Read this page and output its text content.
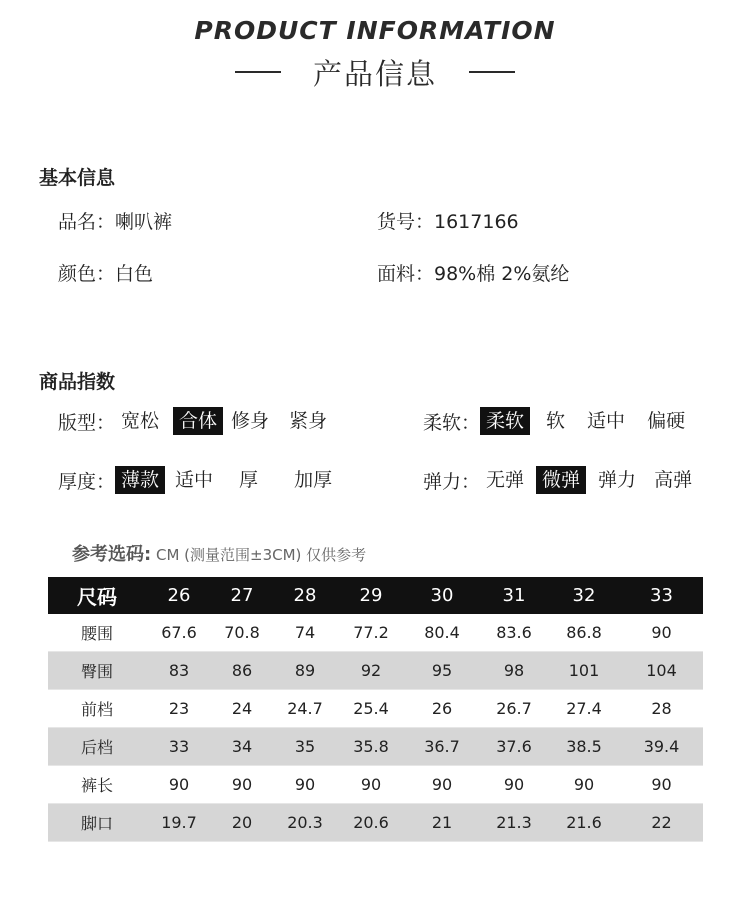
PRODUCT INFORMATION
产品信息
基本信息
品名：喇叭裤	货号：1617166
颜色：白色	面料：98%棉 2%氨纶
商品指数
版型： 宽松	合体 修身	紧身	柔软： 柔软	软	适中	偏硬
厚度： 薄款 适中	厚	加厚	弹力： 无弹 微弹 弹力 高弹
参考选码: CM (测量范围±3CM) 仅供参考
尺码	26	27	28	29	30	31	32	33
腰围	67.6	70.8	74	77.2	80.4	83.6	86.8	90
臀围	83	86	89	92	95	98	101	104
前档	23	24	24.7	25.4	26	26.7	27.4	28
后档	33	34	35	35.8	36.7	37.6	38.5	39.4
裤长	90	90	90	90	90	90	90	90
脚口	19.7	20	20.3	20.6	21	21.3	21.6	22
